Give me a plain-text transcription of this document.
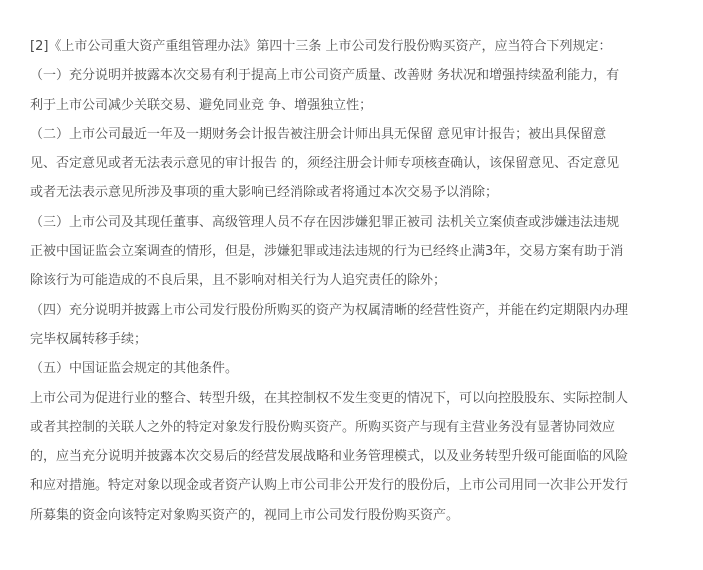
[2]《上市公司重大资产重组管理办法》第四十三条 上市公司发行股份购买资产，应当符合下列规定：
（一）充分说明并披露本次交易有利于提高上市公司资产质量、改善财 务状况和增强持续盈利能力，有
利于上市公司减少关联交易、避免同业竞 争、增强独立性；
（二）上市公司最近一年及一期财务会计报告被注册会计师出具无保留 意见审计报告；被出具保留意
见、否定意见或者无法表示意见的审计报告 的，须经注册会计师专项核查确认，该保留意见、否定意见
或者无法表示意见所涉及事项的重大影响已经消除或者将通过本次交易予以消除；
（三）上市公司及其现任董事、高级管理人员不存在因涉嫌犯罪正被司 法机关立案侦查或涉嫌违法违规
正被中国证监会立案调查的情形，但是，涉嫌犯罪或违法违规的行为已经终止满3年，交易方案有助于消
除该行为可能造成的不良后果，且不影响对相关行为人追究责任的除外；
（四）充分说明并披露上市公司发行股份所购买的资产为权属清晰的经营性资产，并能在约定期限内办理
完毕权属转移手续；
（五）中国证监会规定的其他条件。
上市公司为促进行业的整合、转型升级，在其控制权不发生变更的情况下，可以向控股股东、实际控制人
或者其控制的关联人之外的特定对象发行股份购买资产。所购买资产与现有主营业务没有显著协同效应
的，应当充分说明并披露本次交易后的经营发展战略和业务管理模式，以及业务转型升级可能面临的风险
和应对措施。特定对象以现金或者资产认购上市公司非公开发行的股份后，上市公司用同一次非公开发行
所募集的资金向该特定对象购买资产的，视同上市公司发行股份购买资产。
